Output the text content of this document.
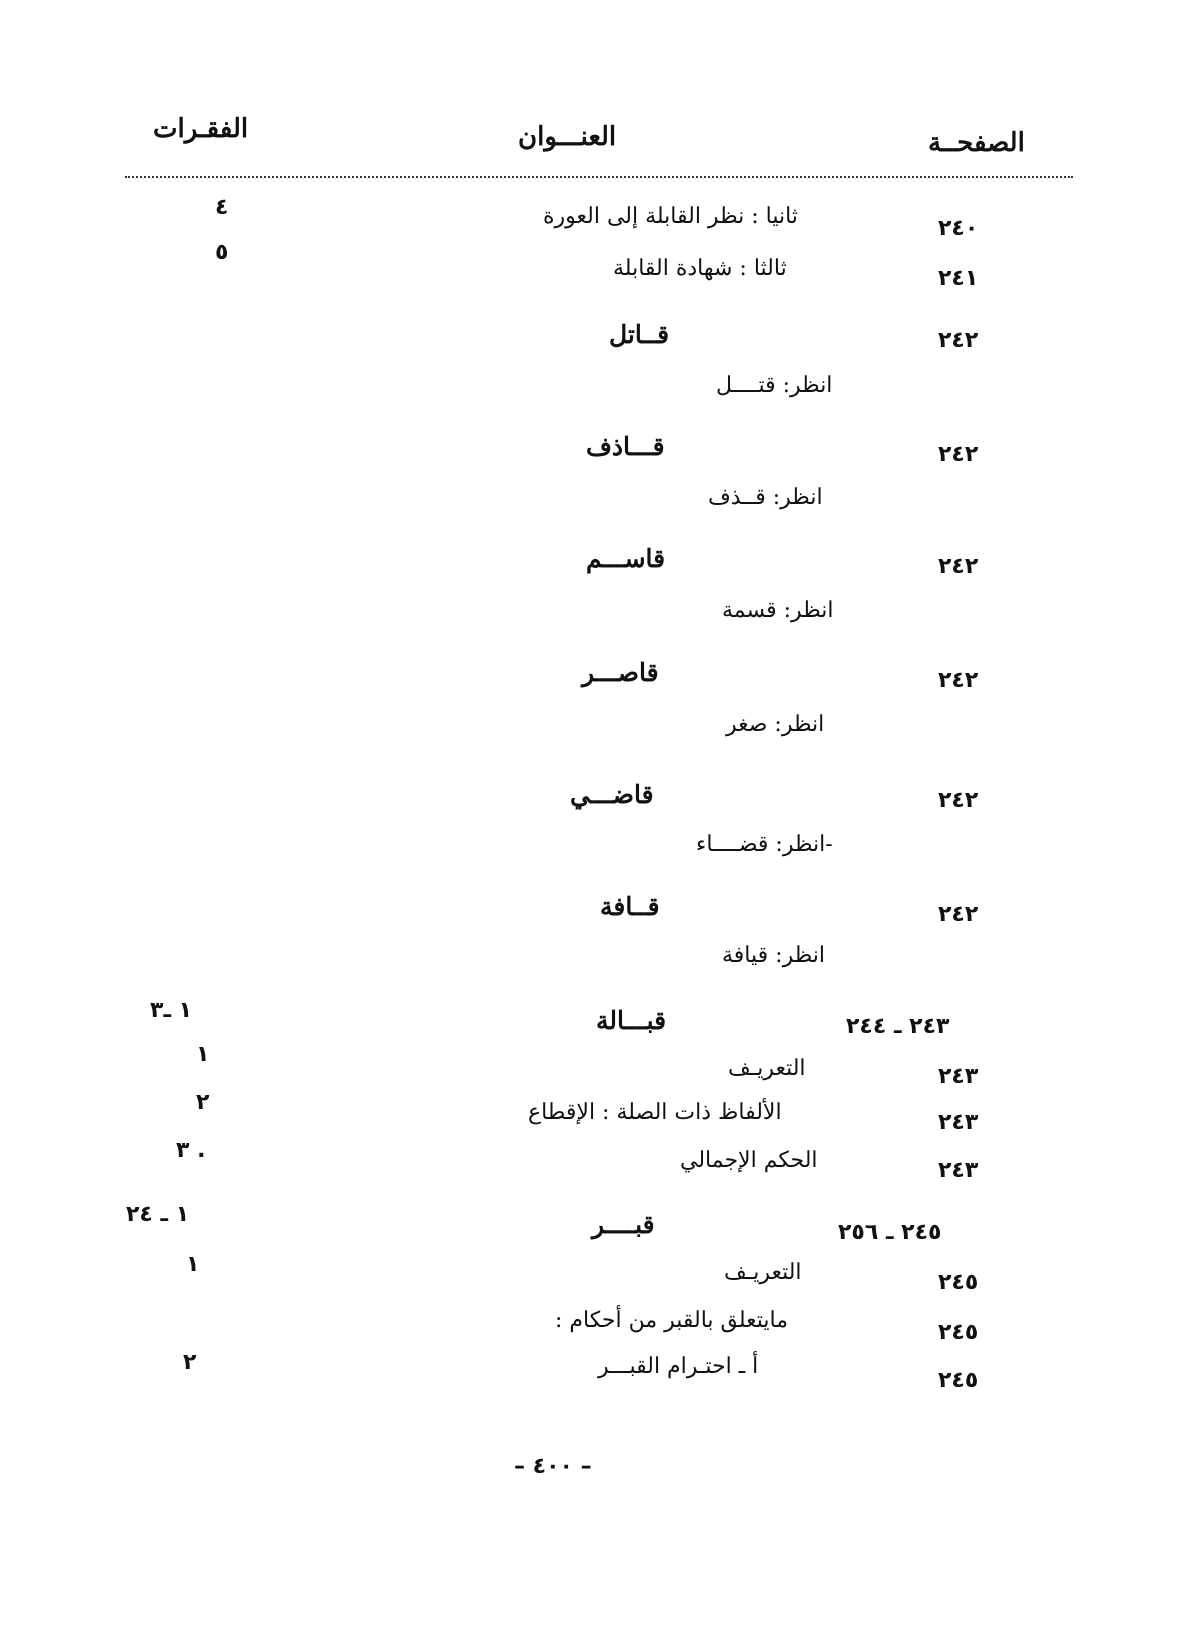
الصفحــة
العنـــوان
الفقـرات
٢٤٠
ثانيا : نظر القابلة إلى العورة
٤
٢٤١
ثالثا : شهادة القابلة
٥
٢٤٢
قــاتل
انظر: قتــــل
٢٤٢
قـــاذف
انظر: قــذف
٢٤٢
قاســـم
انظر: قسمة
٢٤٢
قاصـــر
انظر: صغر
٢٤٢
قاضـــي
-انظر: قضــــاء
٢٤٢
قــافة
انظر: قيافة
٢٤٣ ـ ٢٤٤
قبـــالة
١ ـ٣
٢٤٣
التعريـف
١
٢٤٣
الألفاظ ذات الصلة : الإقطاع
٢
٢٤٣
الحكم الإجمالي
٣ .
٢٤٥ ـ ٢٥٦
قبــــر
١ ـ ٢٤
٢٤٥
التعريـف
١
٢٤٥
مايتعلق بالقبر من أحكام :
٢٤٥
أ ـ احتـرام القبـــر
٢
– ٤٠٠ –
